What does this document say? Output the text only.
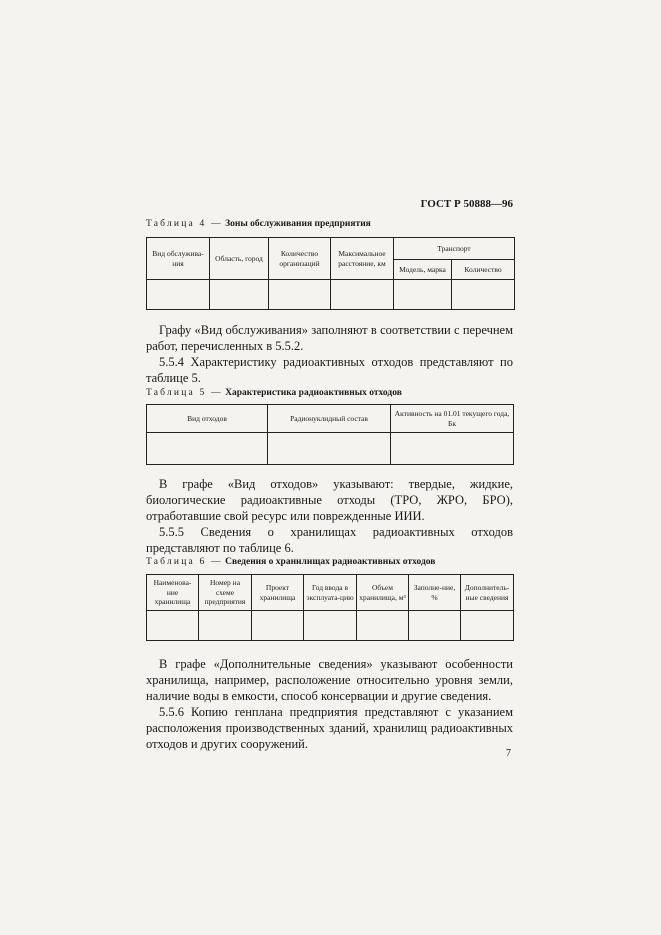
ГОСТ Р 50888—96
Таблица 4 — Зоны обслуживания предприятия
Вид обслужива-ния	Область, город	Количество организаций	Максимальное расстояние, км	Транспорт	
				Модель, марка	Количество

Графу «Вид обслуживания» заполняют в соответствии с перечнем работ, перечисленных в 5.5.2.

5.5.4 Характеристику радиоактивных отходов представляют по таблице 5.

Таблица 5 — Характеристика радиоактивных отходов
Вид отходов	Радионуклидный состав	Активность на 01.01 текущего года, Бк

В графе «Вид отходов» указывают: твердые, жидкие, биологические радиоактивные отходы (ТРО, ЖРО, БРО), отработавшие свой ресурс или поврежденные ИИИ.

5.5.5 Сведения о хранилищах радиоактивных отходов представляют по таблице 6.

Таблица 6 — Сведения о хранилищах радиоактивных отходов
Наименова-ние хранилища	Номер на схеме предприятия	Проект хранилища	Год ввода в эксплуата-цию	Объем хранилища, м³	Заполне-ние, %	Дополнитель-ные сведения

В графе «Дополнительные сведения» указывают особенности хранилища, например, расположение относительно уровня земли, наличие воды в емкости, способ консервации и другие сведения.

5.5.6 Копию генплана предприятия представляют с указанием расположения производственных зданий, хранилищ радиоактивных отходов и других сооружений.

7
